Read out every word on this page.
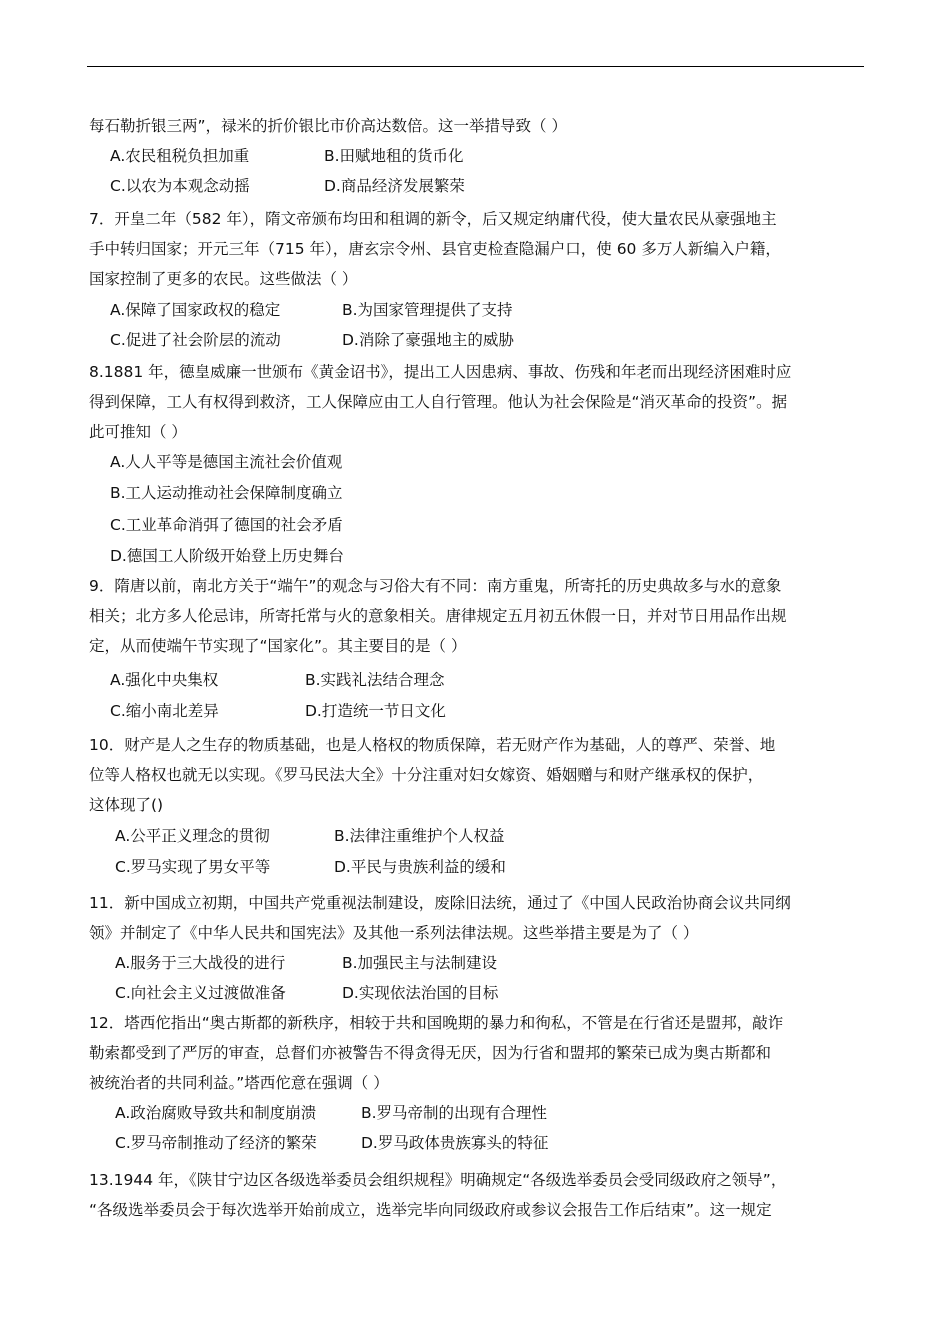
每石勒折银三两”，禄米的折价银比市价高达数倍。这一举措导致（ ）
A.农民租税负担加重	B.田赋地租的货币化
C.以农为本观念动摇	D.商品经济发展繁荣
7．开皇二年（582 年），隋文帝颁布均田和租调的新令，后又规定纳庸代役，使大量农民从豪强地主
手中转归国家；开元三年（715 年），唐玄宗令州、县官吏检查隐漏户口，使 60 多万人新编入户籍，
国家控制了更多的农民。这些做法（ ）
A.保障了国家政权的稳定	B.为国家管理提供了支持
C.促进了社会阶层的流动	D.消除了豪强地主的威胁
8.1881 年，德皇威廉一世颁布《黄金诏书》，提出工人因患病、事故、伤残和年老而出现经济困难时应
得到保障，工人有权得到救济，工人保障应由工人自行管理。他认为社会保险是“消灭革命的投资”。据
此可推知（ ）
A.人人平等是德国主流社会价值观
B.工人运动推动社会保障制度确立
C.工业革命消弭了德国的社会矛盾
D.德国工人阶级开始登上历史舞台
9．隋唐以前，南北方关于“端午”的观念与习俗大有不同：南方重鬼，所寄托的历史典故多与水的意象
相关；北方多人伦忌讳，所寄托常与火的意象相关。唐律规定五月初五休假一日，并对节日用品作出规
定，从而使端午节实现了“国家化”。其主要目的是（ ）
A.强化中央集权	B.实践礼法结合理念
C.缩小南北差异	D.打造统一节日文化
10．财产是人之生存的物质基础，也是人格权的物质保障，若无财产作为基础，人的尊严、荣誉、地
位等人格权也就无以实现。《罗马民法大全》十分注重对妇女嫁资、婚姻赠与和财产继承权的保护，
这体现了()
A.公平正义理念的贯彻	B.法律注重维护个人权益
C.罗马实现了男女平等	D.平民与贵族利益的缓和
11．新中国成立初期，中国共产党重视法制建设，废除旧法统，通过了《中国人民政治协商会议共同纲
领》并制定了《中华人民共和国宪法》及其他一系列法律法规。这些举措主要是为了（ ）
A.服务于三大战役的进行	B.加强民主与法制建设
C.向社会主义过渡做准备	D.实现依法治国的目标
12．塔西佗指出“奥古斯都的新秩序，相较于共和国晚期的暴力和徇私，不管是在行省还是盟邦，敲诈
勒索都受到了严厉的审查，总督们亦被警告不得贪得无厌，因为行省和盟邦的繁荣已成为奥古斯都和
被统治者的共同利益。”塔西佗意在强调（ ）
A.政治腐败导致共和制度崩溃	B.罗马帝制的出现有合理性
C.罗马帝制推动了经济的繁荣	D.罗马政体贵族寡头的特征
13.1944 年，《陕甘宁边区各级选举委员会组织规程》明确规定“各级选举委员会受同级政府之领导”，
“各级选举委员会于每次选举开始前成立，选举完毕向同级政府或参议会报告工作后结束”。这一规定
